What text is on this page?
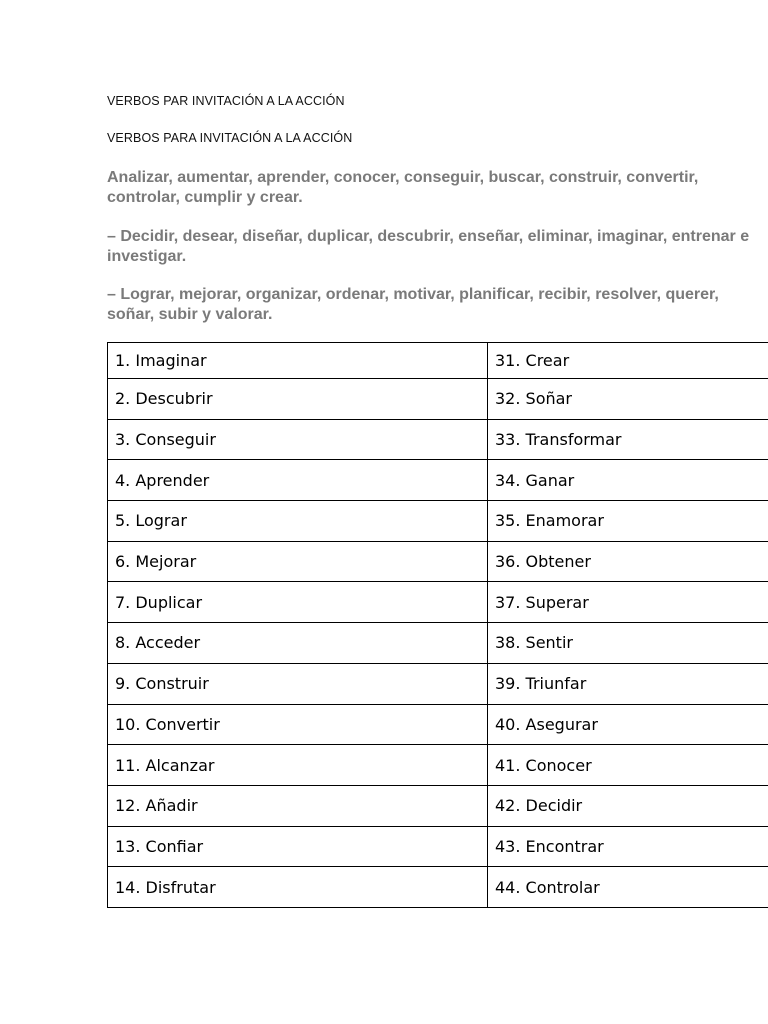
VERBOS PAR INVITACIÓN A LA ACCIÓN
VERBOS PARA INVITACIÓN A LA ACCIÓN
Analizar, aumentar, aprender, conocer, conseguir, buscar, construir, convertir, controlar, cumplir y crear.
– Decidir, desear, diseñar, duplicar, descubrir, enseñar, eliminar, imaginar, entrenar e investigar.
– Lograr, mejorar, organizar, ordenar, motivar, planificar, recibir, resolver, querer, soñar, subir y valorar.
1. Imaginar	31. Crear
2. Descubrir	32. Soñar
3. Conseguir	33. Transformar
4. Aprender	34. Ganar
5. Lograr	35. Enamorar
6. Mejorar	36. Obtener
7. Duplicar	37. Superar
8. Acceder	38. Sentir
9. Construir	39. Triunfar
10. Convertir	40. Asegurar
11. Alcanzar	41. Conocer
12. Añadir	42. Decidir
13. Confiar	43. Encontrar
14. Disfrutar	44. Controlar
